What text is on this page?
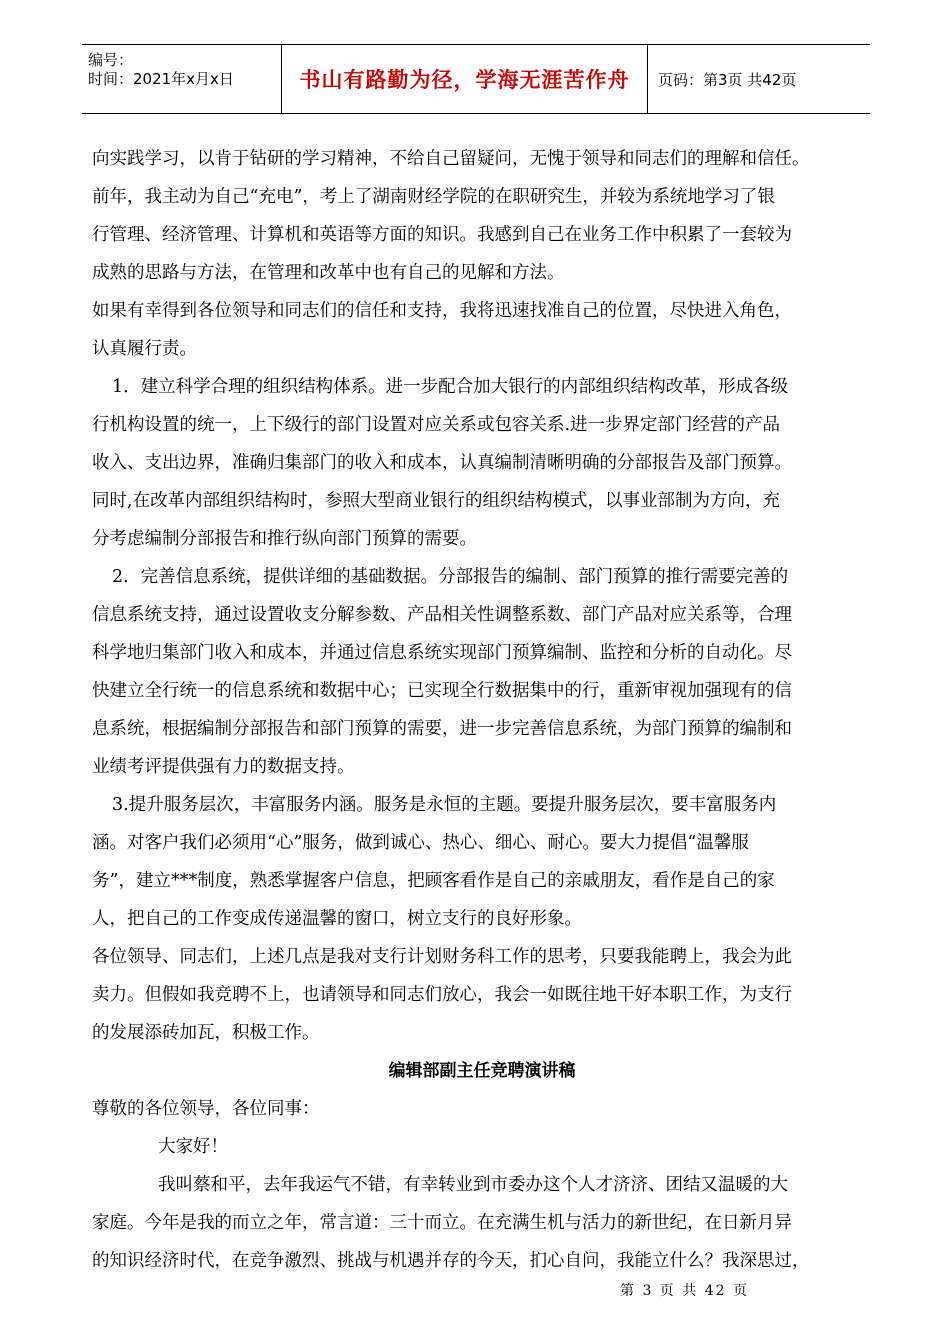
编号：
时间：2021年x月x日	书山有路勤为径，学海无涯苦作舟 页码：第3页 共42页
向实践学习，以肯于钻研的学习精神，不给自己留疑问，无愧于领导和同志们的理解和信任。
前年，我主动为自己“充电”，考上了湖南财经学院的在职研究生，并较为系统地学习了银
行管理、经济管理、计算机和英语等方面的知识。我感到自己在业务工作中积累了一套较为
成熟的思路与方法，在管理和改革中也有自己的见解和方法。
如果有幸得到各位领导和同志们的信任和支持，我将迅速找准自己的位置，尽快进入角色，
认真履行责。
1．建立科学合理的组织结构体系。进一步配合加大银行的内部组织结构改革，形成各级
行机构设置的统一，上下级行的部门设置对应关系或包容关系.进一步界定部门经营的产品
收入、支出边界，准确归集部门的收入和成本，认真编制清晰明确的分部报告及部门预算。
同时,在改革内部组织结构时，参照大型商业银行的组织结构模式，以事业部制为方向，充
分考虑编制分部报告和推行纵向部门预算的需要。
2．完善信息系统，提供详细的基础数据。分部报告的编制、部门预算的推行需要完善的
信息系统支持，通过设置收支分解参数、产品相关性调整系数、部门产品对应关系等，合理
科学地归集部门收入和成本，并通过信息系统实现部门预算编制、监控和分析的自动化。尽
快建立全行统一的信息系统和数据中心；已实现全行数据集中的行，重新审视加强现有的信
息系统，根据编制分部报告和部门预算的需要，进一步完善信息系统，为部门预算的编制和
业绩考评提供强有力的数据支持。
3.提升服务层次，丰富服务内涵。服务是永恒的主题。要提升服务层次，要丰富服务内
涵。对客户我们必须用“心”服务，做到诚心、热心、细心、耐心。要大力提倡“温馨服
务”，建立***制度，熟悉掌握客户信息，把顾客看作是自己的亲戚朋友，看作是自己的家
人，把自己的工作变成传递温馨的窗口，树立支行的良好形象。
各位领导、同志们，上述几点是我对支行计划财务科工作的思考，只要我能聘上，我会为此
卖力。但假如我竞聘不上，也请领导和同志们放心，我会一如既往地干好本职工作，为支行
的发展添砖加瓦，积极工作。
编辑部副主任竞聘演讲稿
尊敬的各位领导，各位同事：
大家好！
我叫蔡和平，去年我运气不错，有幸转业到市委办这个人才济济、团结又温暖的大
家庭。今年是我的而立之年，常言道：三十而立。在充满生机与活力的新世纪，在日新月异
的知识经济时代，在竞争激烈、挑战与机遇并存的今天，扪心自问，我能立什么？我深思过，
第 3 页 共 42 页
